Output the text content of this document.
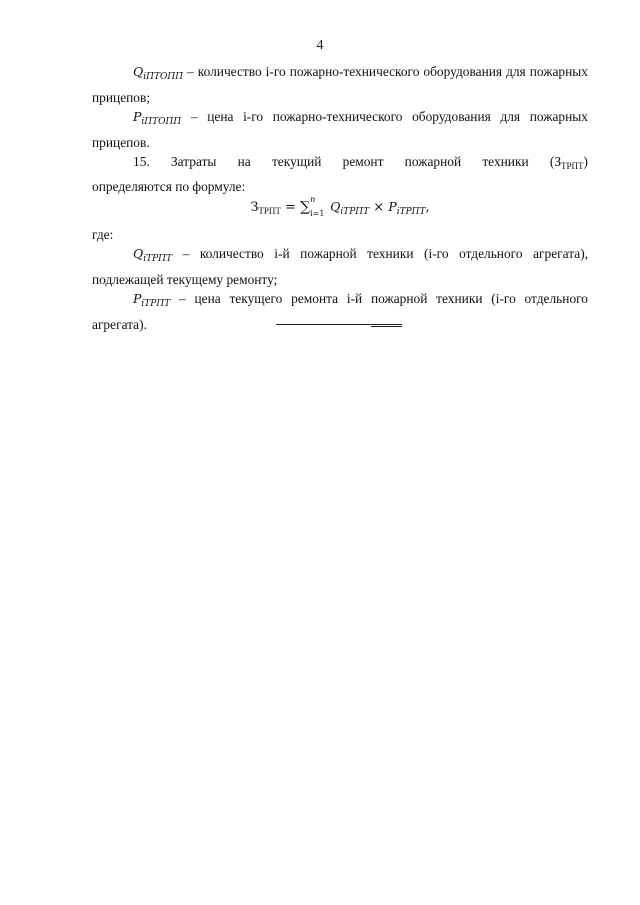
4

$Q_{iПТОПП}$ – количество i-го пожарно-технического оборудования для пожарных прицепов;

$P_{iПТОПП}$ – цена i-го пожарно-технического оборудования для пожарных прицепов.

15. Затраты на текущий ремонт пожарной техники $(З_{ТРПТ})$

определяются по формуле:

$З_{ТРПТ}$ = ∑ n
i=1 $Q_{iТРПТ} \times P_{iТРПТ}$,

где:

$Q_{iТРПТ}$ – количество i-й пожарной техники (i-го отдельного агрегата), подлежащей текущему ремонту;

$P_{iТРПТ}$ – цена текущего ремонта i-й пожарной техники (i-го отдельного агрегата).
